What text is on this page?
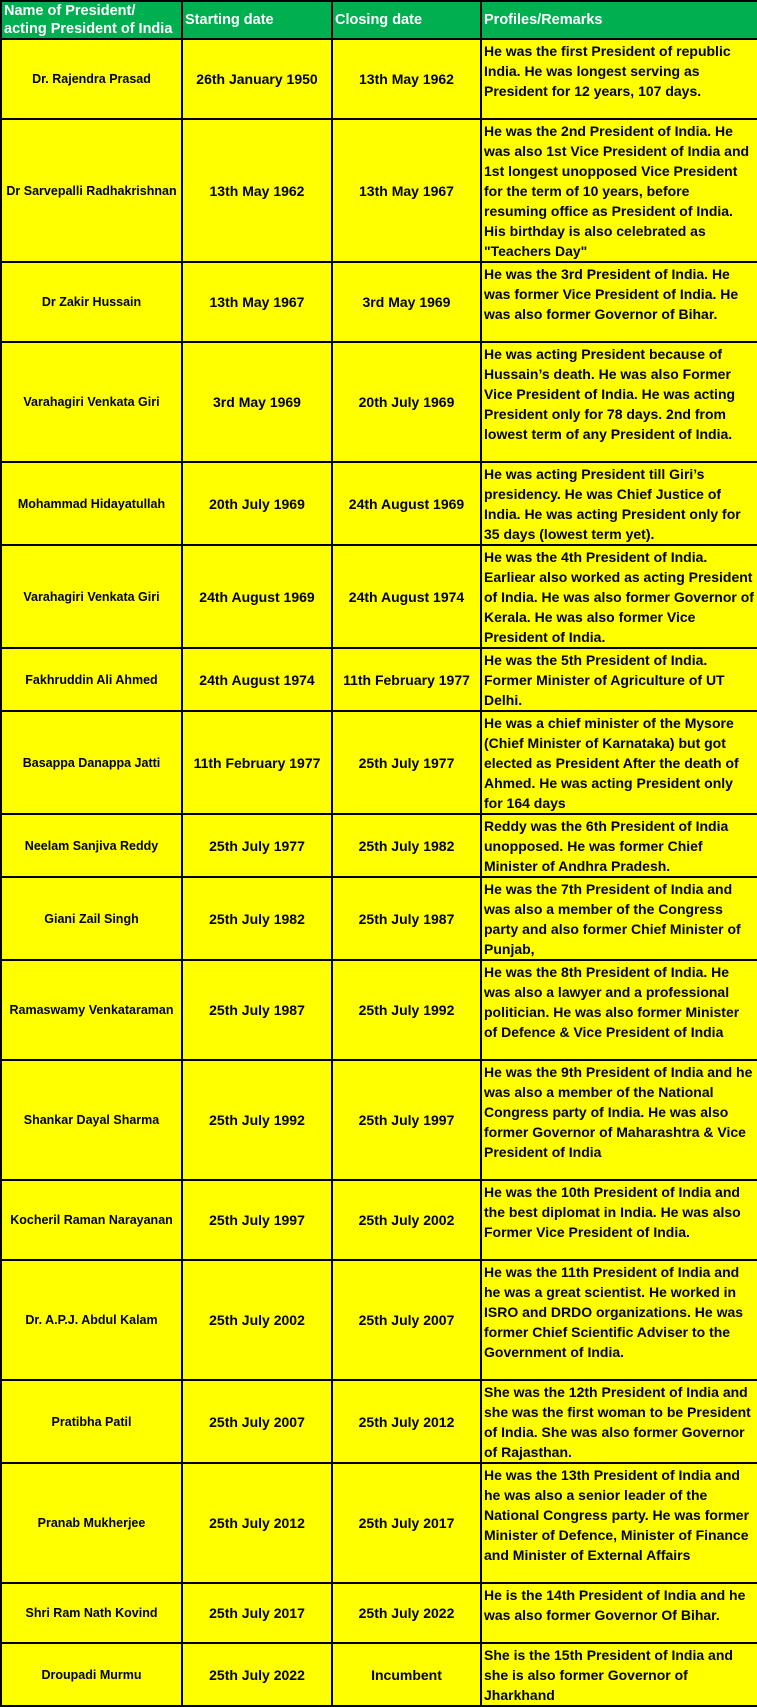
Name of President/ acting President of India	Starting date	Closing date	Profiles/Remarks
Dr. Rajendra Prasad	26th January 1950	13th May 1962	He was the first President of republic India. He was longest serving as President for 12 years, 107 days.
Dr Sarvepalli Radhakrishnan	13th May 1962	13th May 1967	He was the 2nd President of India. He was also 1st Vice President of India and 1st longest unopposed Vice President for the term of 10 years, before resuming office as President of India. His birthday is also celebrated as "Teachers Day"
Dr Zakir Hussain	13th May 1967	3rd May 1969	He was the 3rd President of India. He was former Vice President of India. He was also former Governor of Bihar.
Varahagiri Venkata Giri	3rd May 1969	20th July 1969	He was acting President because of Hussain’s death. He was also Former Vice President of India. He was acting President only for 78 days. 2nd from lowest term of any President of India.
Mohammad Hidayatullah	20th July 1969	24th August 1969	He was acting President till Giri’s presidency. He was Chief Justice of India. He was acting President only for 35 days (lowest term yet).
Varahagiri Venkata Giri	24th August 1969	24th August 1974	He was the 4th President of India. Earliear also worked as acting President of India. He was also former Governor of Kerala. He was also former Vice President of India.
Fakhruddin Ali Ahmed	24th August 1974	11th February 1977	He was the 5th President of India. Former Minister of Agriculture of UT Delhi.
Basappa Danappa Jatti	11th February 1977	25th July 1977	He was a chief minister of the Mysore (Chief Minister of Karnataka) but got elected as President After the death of Ahmed. He was acting President only for 164 days
Neelam Sanjiva Reddy	25th July 1977	25th July 1982	Reddy was the 6th President of India unopposed. He was former Chief Minister of Andhra Pradesh.
Giani Zail Singh	25th July 1982	25th July 1987	He was the 7th President of India and was also a member of the Congress party and also former Chief Minister of Punjab,
Ramaswamy Venkataraman	25th July 1987	25th July 1992	He was the 8th President of India. He was also a lawyer and a professional politician. He was also former Minister of Defence & Vice President of India
Shankar Dayal Sharma	25th July 1992	25th July 1997	He was the 9th President of India and he was also a member of the National Congress party of India. He was also former Governor of Maharashtra & Vice President of India
Kocheril Raman Narayanan	25th July 1997	25th July 2002	He was the 10th President of India and the best diplomat in India. He was also Former Vice President of India.
Dr. A.P.J. Abdul Kalam	25th July 2002	25th July 2007	He was the 11th President of India and he was a great scientist. He worked in ISRO and DRDO organizations. He was former Chief Scientific Adviser to the Government of India.
Pratibha Patil	25th July 2007	25th July 2012	She was the 12th President of India and she was the first woman to be President of India. She was also former Governor of Rajasthan.
Pranab Mukherjee	25th July 2012	25th July 2017	He was the 13th President of India and he was also a senior leader of the National Congress party. He was former Minister of Defence, Minister of Finance and Minister of External Affairs
Shri Ram Nath Kovind	25th July 2017	25th July 2022	He is the 14th President of India and he was also former Governor Of Bihar.
Droupadi Murmu	25th July 2022	Incumbent	She is the 15th President of India and she is also former Governor of Jharkhand
